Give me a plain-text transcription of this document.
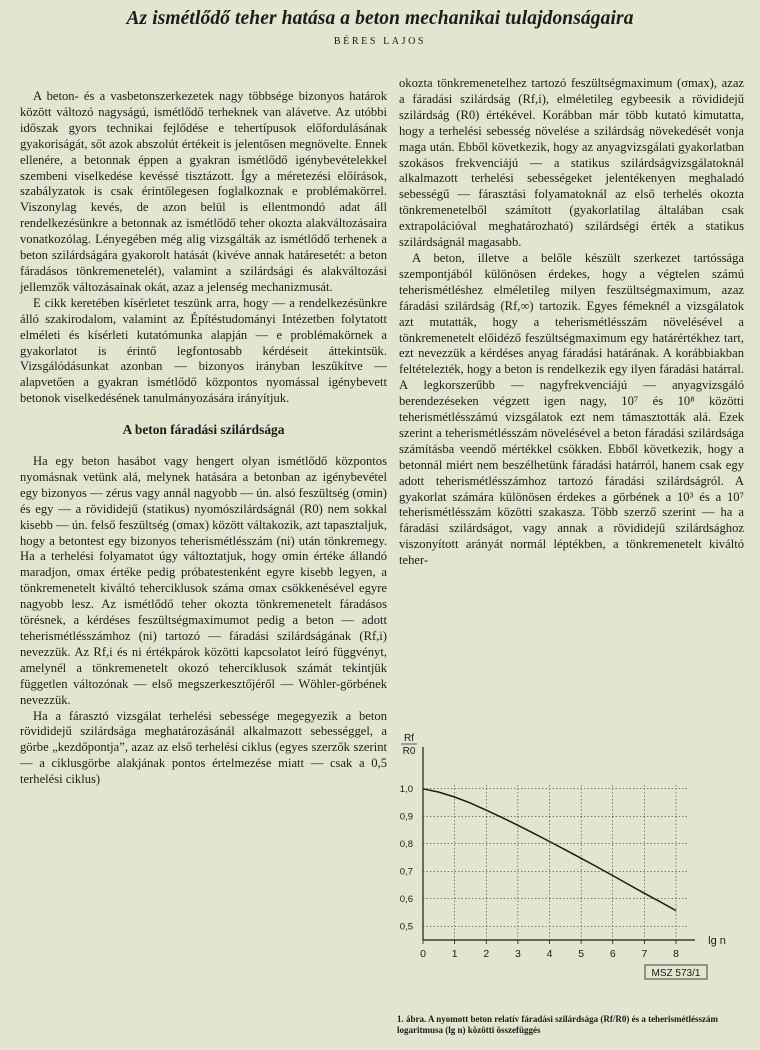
Az ismétlődő teher hatása a beton mechanikai tulajdonságaira
BÉRES LAJOS

A beton- és a vasbetonszerkezetek nagy többsége bizonyos határok között változó nagyságú, ismétlődő terheknek van alávetve. Az utóbbi időszak gyors technikai fejlődése e tehertípusok előfordulásának gyakoriságát, sőt azok abszolút értékeit is jelentősen megnövelte. Ennek ellenére, a betonnak éppen a gyakran ismétlődő igénybevételekkel szembeni viselkedése kevéssé tisztázott. Így a méretezési előírások, szabályzatok is csak érintőlegesen foglalkoznak e problémakörrel. Viszonylag kevés, de azon belül is ellentmondó adat áll rendelkezésünkre a betonnak az ismétlődő teher okozta alakváltozásaira vonatkozólag. Lényegében még alig vizsgálták az ismétlődő terhenek a beton szilárdságára gyakorolt hatását (kivéve annak határesetét: a beton fáradásos tönkremenetelét), valamint a szilárdsági és alakváltozási jellemzők változásainak okát, azaz a jelenség mechanizmusát.

E cikk keretében kísérletet teszünk arra, hogy — a rendelkezésünkre álló szakirodalom, valamint az Építéstudományi Intézetben folytatott elméleti és kísérleti kutatómunka alapján — e problémakörnek a gyakorlatot is érintő legfontosabb kérdéseit áttekintsük. Vizsgálódásunkat azonban — bizonyos irányban leszűkítve — alapvetően a gyakran ismétlődő központos nyomással igénybevett betonok viselkedésének tanulmányozására irányítjuk.

A beton fáradási szilárdsága

Ha egy beton hasábot vagy hengert olyan ismétlődő központos nyomásnak vetünk alá, melynek hatására a betonban az igénybevétel egy bizonyos — zérus vagy annál nagyobb — ún. alsó feszültség (σmin) és egy — a rövididejű (statikus) nyomószilárdságnál (R0) nem sokkal kisebb — ún. felső feszültség (σmax) között váltakozik, azt tapasztaljuk, hogy a betontest egy bizonyos teherismétlésszám (ni) után tönkremegy. Ha a terhelési folyamatot úgy változtatjuk, hogy σmin értéke állandó maradjon, σmax értéke pedig próbatestenként egyre kisebb legyen, a tönkremenetelt kiváltó teherciklusok száma σmax csökkenésével egyre nagyobb lesz. Az ismétlődő teher okozta tönkremenetelt fáradásos törésnek, a kérdéses feszültségmaximumot pedig a beton — adott teherismétlésszámhoz (ni) tartozó — fáradási szilárdságának (Rf,i) nevezzük. Az Rf,i és ni értékpárok közötti kapcsolatot leíró függvényt, amelynél a tönkremenetelt okozó teherciklusok számát tekintjük független változónak — első megszerkesztőjéről — Wöhler-görbének nevezzük.

Ha a fárasztó vizsgálat terhelési sebessége megegyezik a beton rövididejű szilárdsága meghatározásánál alkalmazott sebességgel, a görbe „kezdőpontja”, azaz az első terhelési ciklus (egyes szerzők szerint — a ciklusgörbe alakjának pontos értelmezése miatt — csak a 0,5 terhelési ciklus)

okozta tönkremenetelhez tartozó feszültségmaximum (σmax), azaz a fáradási szilárdság (Rf,i), elméletileg egybeesik a rövididejű szilárdság (R0) értékével. Korábban már több kutató kimutatta, hogy a terhelési sebesség növelése a szilárdság növekedését vonja maga után. Ebből következik, hogy az anyagvizsgálati gyakorlatban szokásos frekvenciájú — a statikus szilárdságvizsgálatoknál alkalmazott terhelési sebességeket jelentékenyen meghaladó sebességű — fárasztási folyamatoknál az első terhelés okozta tönkremenetelből számított (gyakorlatilag általában csak extrapolációval meghatározható) szilárdségi érték a statikus szilárdságnál magasabb.

A beton, illetve a belőle készült szerkezet tartóssága szempontjából különösen érdekes, hogy a végtelen számú teherismétléshez elméletileg milyen feszültségmaximum, azaz fáradási szilárdság (Rf,∞) tartozik. Egyes fémeknél a vizsgálatok azt mutatták, hogy a teherismétlésszám növelésével a tönkremenetelt előidéző feszültségmaximum egy határértékhez tart, ezt nevezzük a kérdéses anyag fáradási határának. A korábbiakban feltételezték, hogy a beton is rendelkezik egy ilyen fáradási határral. A legkorszerűbb — nagyfrekvenciájú — anyagvizsgáló berendezéseken végzett igen nagy, 10⁷ és 10⁸ közötti teherismétlésszámú vizsgálatok ezt nem támasztották alá. Ezek szerint a teherismétlésszám növelésével a beton fáradási szilárdsága számításba veendő mértékkel csökken. Ebből következik, hogy a betonnál miért nem beszélhetünk fáradási határról, hanem csak egy adott teherismétlésszámhoz tartozó fáradási szilárdságról. A gyakorlat számára különösen érdekes a görbének a 10³ és a 10⁷ teherismétlésszám közötti szakasza. Több szerző szerint — ha a fáradási szilárdságot, vagy annak a rövididejű szilárdsághoz viszonyított arányát normál léptékben, a tönkremenetelt kiváltó teher-

1,0
0,9
0,8
0,7
0,6
0,5
0 1 2 3 4 5 6 7 8
Rf
R0
lg n
MSZ 573/1
1. ábra. A nyomott beton relatív fáradási szilárdsága (Rf/R0) és a teherismétlésszám logaritmusa (lg n) közötti összefüggés
